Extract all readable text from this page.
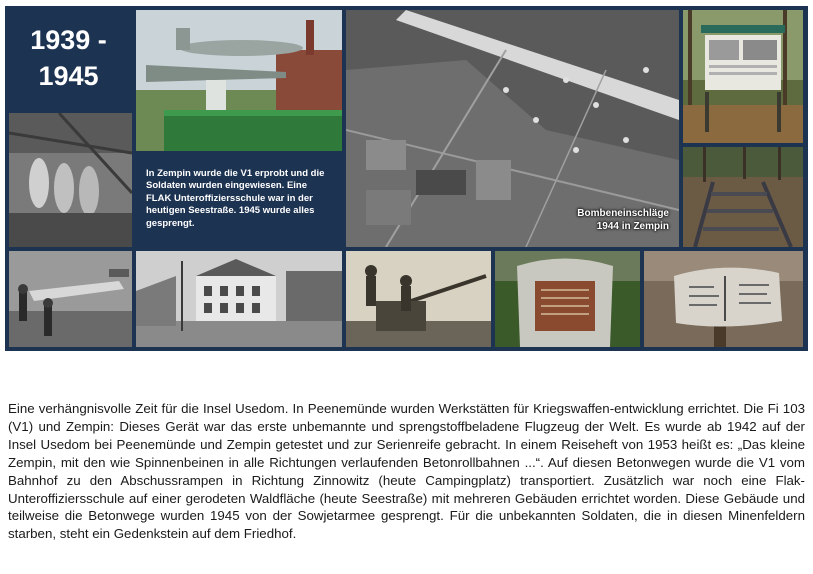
1939 -
1945
In Zempin wurde die V1 erprobt und die Soldaten wurden eingewiesen. Eine FLAK Unteroffiziersschule war in der heutigen Seestraße. 1945 wurde alles gesprengt.
Bombeneinschläge
1944 in Zempin
Eine verhängnisvolle Zeit für die Insel Usedom. In Peenemünde wurden Werkstätten für Kriegswaffen-entwicklung errichtet. Die Fi 103 (V1) und Zempin: Dieses Gerät war das erste unbemannte und sprengstoffbeladene Flugzeug der Welt. Es wurde ab 1942 auf der Insel Usedom bei Peenemünde und Zempin getestet und zur Serienreife gebracht. In einem Reiseheft von 1953 heißt es: „Das kleine Zempin, mit den wie Spinnenbeinen in alle Richtungen verlaufenden Betonrollbahnen ...“. Auf diesen Betonwegen wurde die V1 vom Bahnhof zu den Abschussrampen in Richtung Zinnowitz (heute Campingplatz) transportiert. Zusätzlich war noch eine Flak-Unteroffiziersschule auf einer gerodeten Waldfläche (heute Seestraße) mit mehreren Gebäuden errichtet worden. Diese Gebäude und teilweise die Betonwege wurden 1945 von der Sowjetarmee gesprengt. Für die unbekannten Soldaten, die in diesen Minenfeldern starben, steht ein Gedenkstein auf dem Friedhof.
